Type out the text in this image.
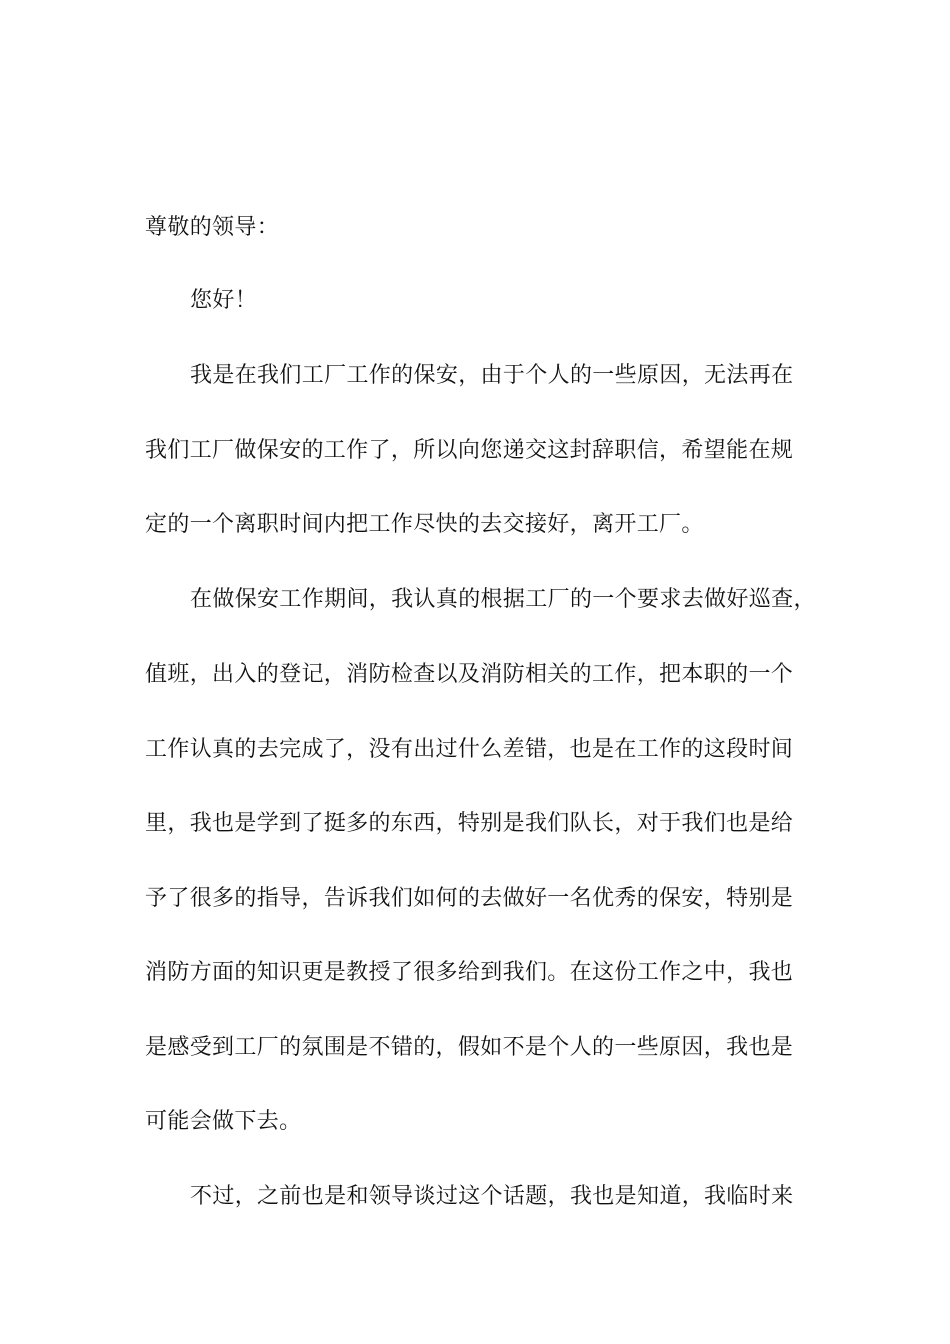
尊敬的领导：

您好！

我是在我们工厂工作的保安，由于个人的一些原因，无法再在

我们工厂做保安的工作了，所以向您递交这封辞职信，希望能在规

定的一个离职时间内把工作尽快的去交接好，离开工厂。

在做保安工作期间，我认真的根据工厂的一个要求去做好巡查，

值班，出入的登记，消防检查以及消防相关的工作，把本职的一个

工作认真的去完成了，没有出过什么差错，也是在工作的这段时间

里，我也是学到了挺多的东西，特别是我们队长，对于我们也是给

予了很多的指导，告诉我们如何的去做好一名优秀的保安，特别是

消防方面的知识更是教授了很多给到我们。在这份工作之中，我也

是感受到工厂的氛围是不错的，假如不是个人的一些原因，我也是

可能会做下去。

不过，之前也是和领导谈过这个话题，我也是知道，我临时来
